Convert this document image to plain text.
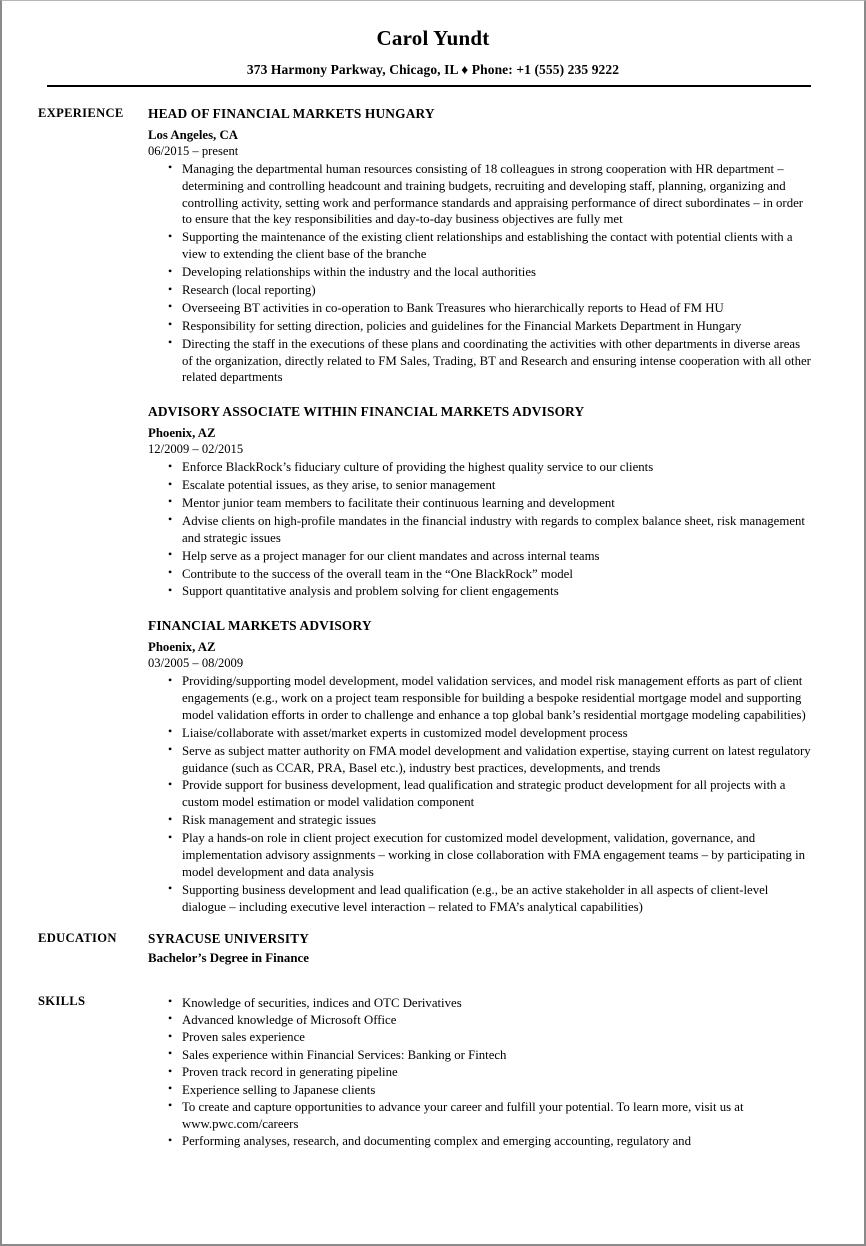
Carol Yundt
373 Harmony Parkway, Chicago, IL ♦ Phone: +1 (555) 235 9222
EXPERIENCE	HEAD OF FINANCIAL MARKETS HUNGARY
Los Angeles, CA
06/2015 – present
• Managing the departmental human resources consisting of 18 colleagues in strong cooperation with HR department – determining and controlling headcount and training budgets, recruiting and developing staff, planning, organizing and controlling activity, setting work and performance standards and appraising performance of direct subordinates – in order to ensure that the key responsibilities and day-to-day business objectives are fully met
• Supporting the maintenance of the existing client relationships and establishing the contact with potential clients with a view to extending the client base of the branche
• Developing relationships within the industry and the local authorities
• Research (local reporting)
• Overseeing BT activities in co-operation to Bank Treasures who hierarchically reports to Head of FM HU
• Responsibility for setting direction, policies and guidelines for the Financial Markets Department in Hungary
• Directing the staff in the executions of these plans and coordinating the activities with other departments in diverse areas of the organization, directly related to FM Sales, Trading, BT and Research and ensuring intense cooperation with all other related departments
ADVISORY ASSOCIATE WITHIN FINANCIAL MARKETS ADVISORY
Phoenix, AZ
12/2009 – 02/2015
• Enforce BlackRock’s fiduciary culture of providing the highest quality service to our clients
• Escalate potential issues, as they arise, to senior management
• Mentor junior team members to facilitate their continuous learning and development
• Advise clients on high-profile mandates in the financial industry with regards to complex balance sheet, risk management and strategic issues
• Help serve as a project manager for our client mandates and across internal teams
• Contribute to the success of the overall team in the “One BlackRock” model
• Support quantitative analysis and problem solving for client engagements
FINANCIAL MARKETS ADVISORY
Phoenix, AZ
03/2005 – 08/2009
• Providing/supporting model development, model validation services, and model risk management efforts as part of client engagements (e.g., work on a project team responsible for building a bespoke residential mortgage model and supporting model validation efforts in order to challenge and enhance a top global bank’s residential mortgage modeling capabilities)
• Liaise/collaborate with asset/market experts in customized model development process
• Serve as subject matter authority on FMA model development and validation expertise, staying current on latest regulatory guidance (such as CCAR, PRA, Basel etc.), industry best practices, developments, and trends
• Provide support for business development, lead qualification and strategic product development for all projects with a custom model estimation or model validation component
• Risk management and strategic issues
• Play a hands-on role in client project execution for customized model development, validation, governance, and implementation advisory assignments – working in close collaboration with FMA engagement teams – by participating in model development and data analysis
• Supporting business development and lead qualification (e.g., be an active stakeholder in all aspects of client-level dialogue – including executive level interaction – related to FMA’s analytical capabilities)
EDUCATION	SYRACUSE UNIVERSITY
Bachelor’s Degree in Finance
SKILLS	• Knowledge of securities, indices and OTC Derivatives
• Advanced knowledge of Microsoft Office
• Proven sales experience
• Sales experience within Financial Services: Banking or Fintech
• Proven track record in generating pipeline
• Experience selling to Japanese clients
• To create and capture opportunities to advance your career and fulfill your potential. To learn more, visit us at www.pwc.com/careers
• Performing analyses, research, and documenting complex and emerging accounting, regulatory and
